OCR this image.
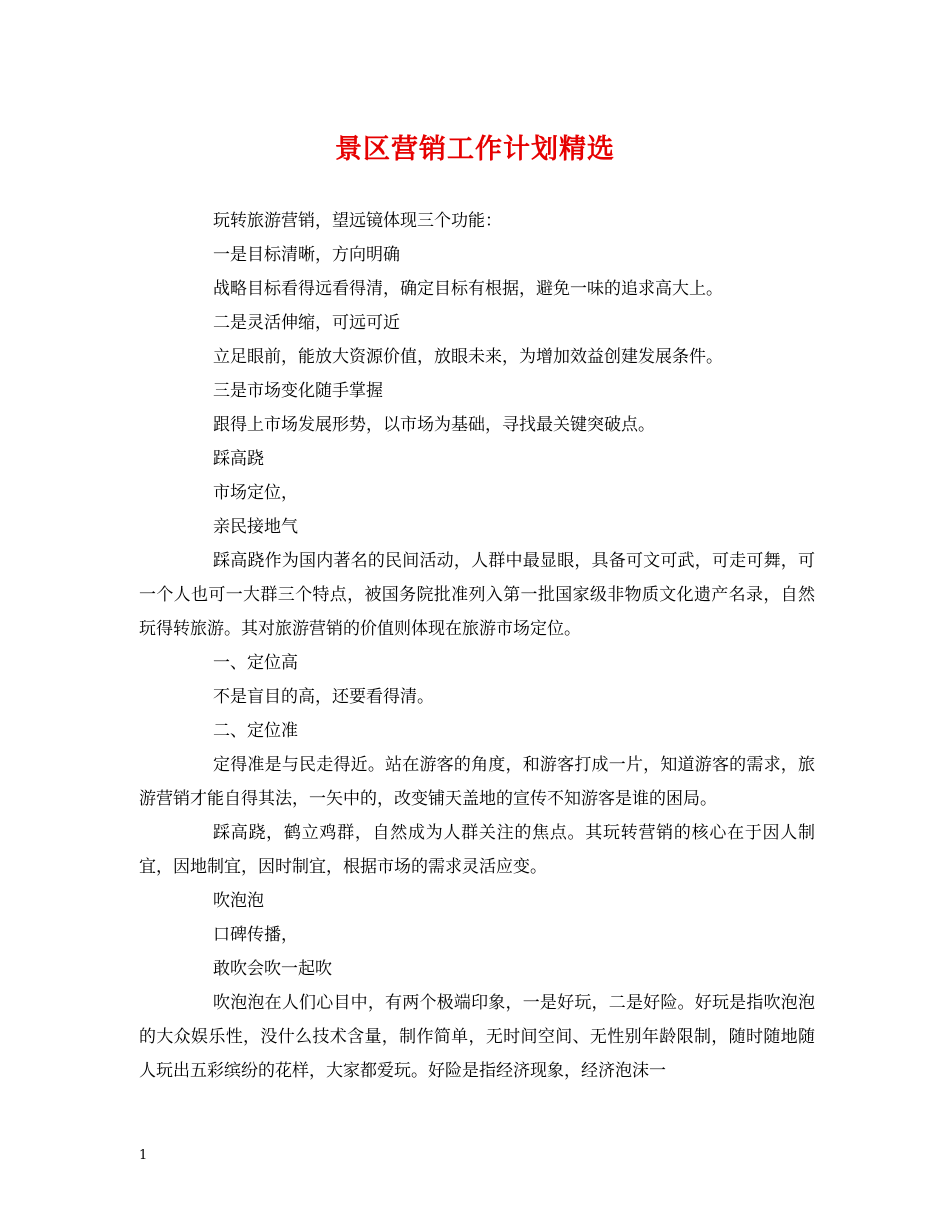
景区营销工作计划精选

玩转旅游营销，望远镜体现三个功能：

一是目标清晰，方向明确

战略目标看得远看得清，确定目标有根据，避免一味的追求高大上。

二是灵活伸缩，可远可近

立足眼前，能放大资源价值，放眼未来，为增加效益创建发展条件。

三是市场变化随手掌握

跟得上市场发展形势，以市场为基础，寻找最关键突破点。

踩高跷

市场定位，

亲民接地气

踩高跷作为国内著名的民间活动，人群中最显眼，具备可文可武，可走可舞，可一个人也可一大群三个特点，被国务院批准列入第一批国家级非物质文化遗产名录，自然玩得转旅游。其对旅游营销的价值则体现在旅游市场定位。

一、定位高

不是盲目的高，还要看得清。

二、定位准

定得准是与民走得近。站在游客的角度，和游客打成一片，知道游客的需求，旅游营销才能自得其法，一矢中的，改变铺天盖地的宣传不知游客是谁的困局。

踩高跷，鹤立鸡群，自然成为人群关注的焦点。其玩转营销的核心在于因人制宜，因地制宜，因时制宜，根据市场的需求灵活应变。

吹泡泡

口碑传播，

敢吹会吹一起吹

吹泡泡在人们心目中，有两个极端印象，一是好玩，二是好险。好玩是指吹泡泡的大众娱乐性，没什么技术含量，制作简单，无时间空间、无性别年龄限制，随时随地随人玩出五彩缤纷的花样，大家都爱玩。好险是指经济现象，经济泡沫一

1
